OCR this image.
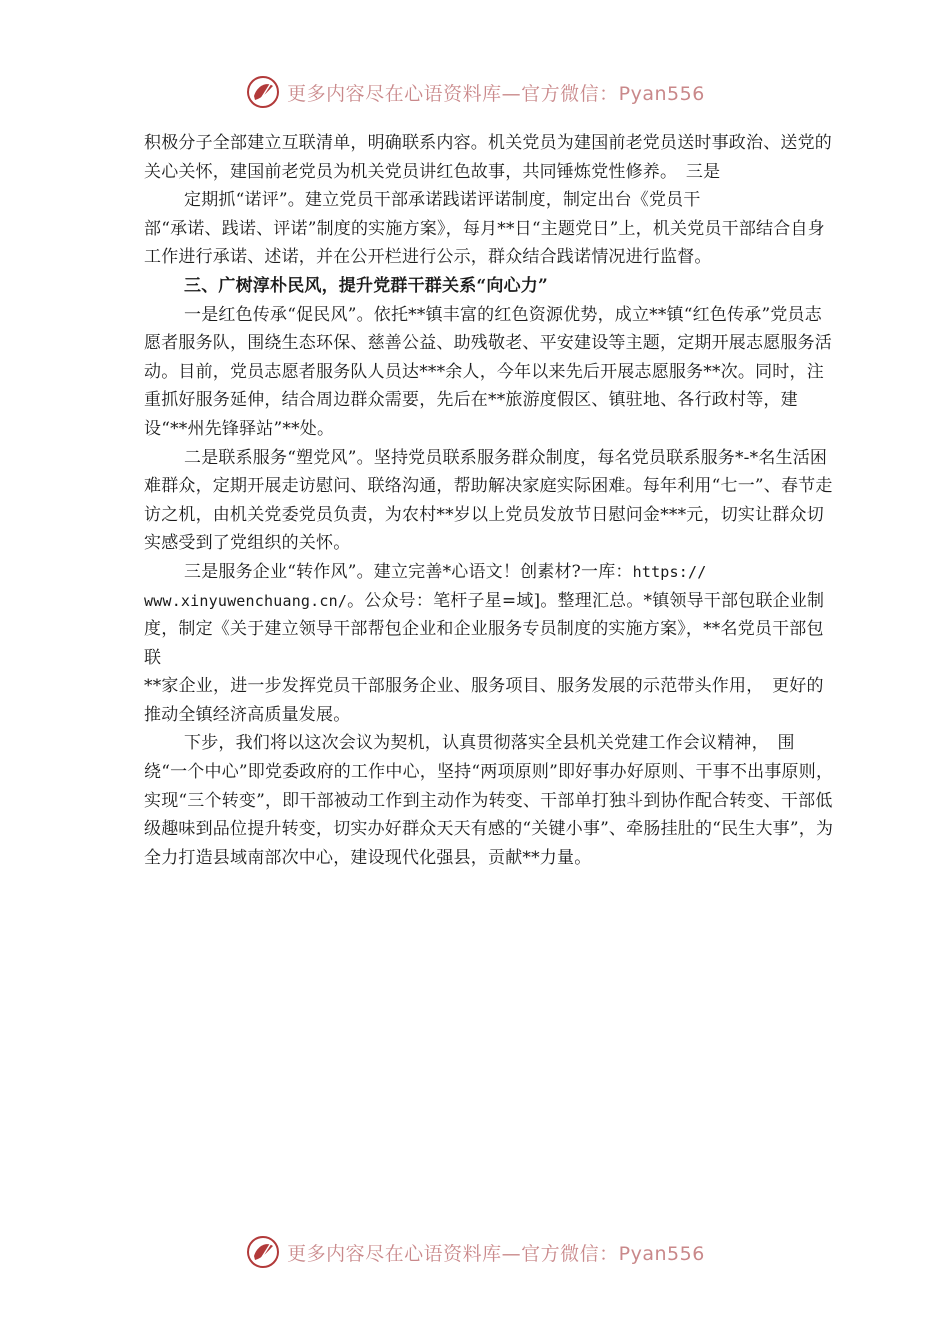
更多内容尽在心语资料库—官方微信：Pyan556

积极分子全部建立互联清单，明确联系内容。机关党员为建国前老党员送时事政治、送党的关心关怀，建国前老党员为机关党员讲红色故事，共同锤炼党性修养。　三是

定期抓“诺评”。建立党员干部承诺践诺评诺制度，制定出台《党员干

部“承诺、践诺、评诺”制度的实施方案》，每月**日“主题党日”上，机关党员干部结合自身工作进行承诺、述诺，并在公开栏进行公示，群众结合践诺情况进行监督。

三、广树淳朴民风，提升党群干群关系“向心力”

一是红色传承“促民风”。依托**镇丰富的红色资源优势，成立**镇“红色传承”党员志愿者服务队，围绕生态环保、慈善公益、助残敬老、平安建设等主题，定期开展志愿服务活动。目前，党员志愿者服务队人员达***余人，今年以来先后开展志愿服务**次。同时，注重抓好服务延伸，结合周边群众需要，先后在**旅游度假区、镇驻地、各行政村等，建设“**州先锋驿站”**处。

二是联系服务“塑党风”。坚持党员联系服务群众制度，每名党员联系服务*-*名生活困难群众，定期开展走访慰问、联络沟通，帮助解决家庭实际困难。每年利用“七一”、春节走访之机，由机关党委党员负责，为农村**岁以上党员发放节日慰问金***元，切实让群众切实感受到了党组织的关怀。

三是服务企业“转作风”。建立完善*心语文！创素材?一库：https:// www.xinyuwenchuang.cn/。公众号：笔杆子星=域]。整理汇总。*镇领导干部包联企业制度，制定《关于建立领导干部帮包企业和企业服务专员制度的实施方案》，**名党员干部包联

**家企业，进一步发挥党员干部服务企业、服务项目、服务发展的示范带头作用，　更好的推动全镇经济高质量发展。

下步，我们将以这次会议为契机，认真贯彻落实全县机关党建工作会议精神，　围绕“一个中心”即党委政府的工作中心，坚持“两项原则”即好事办好原则、干事不出事原则，实现“三个转变”，即干部被动工作到主动作为转变、干部单打独斗到协作配合转变、干部低级趣味到品位提升转变，切实办好群众天天有感的“关键小事”、牵肠挂肚的“民生大事”，为全力打造县域南部次中心，建设现代化强县，贡献**力量。

更多内容尽在心语资料库—官方微信：Pyan556
